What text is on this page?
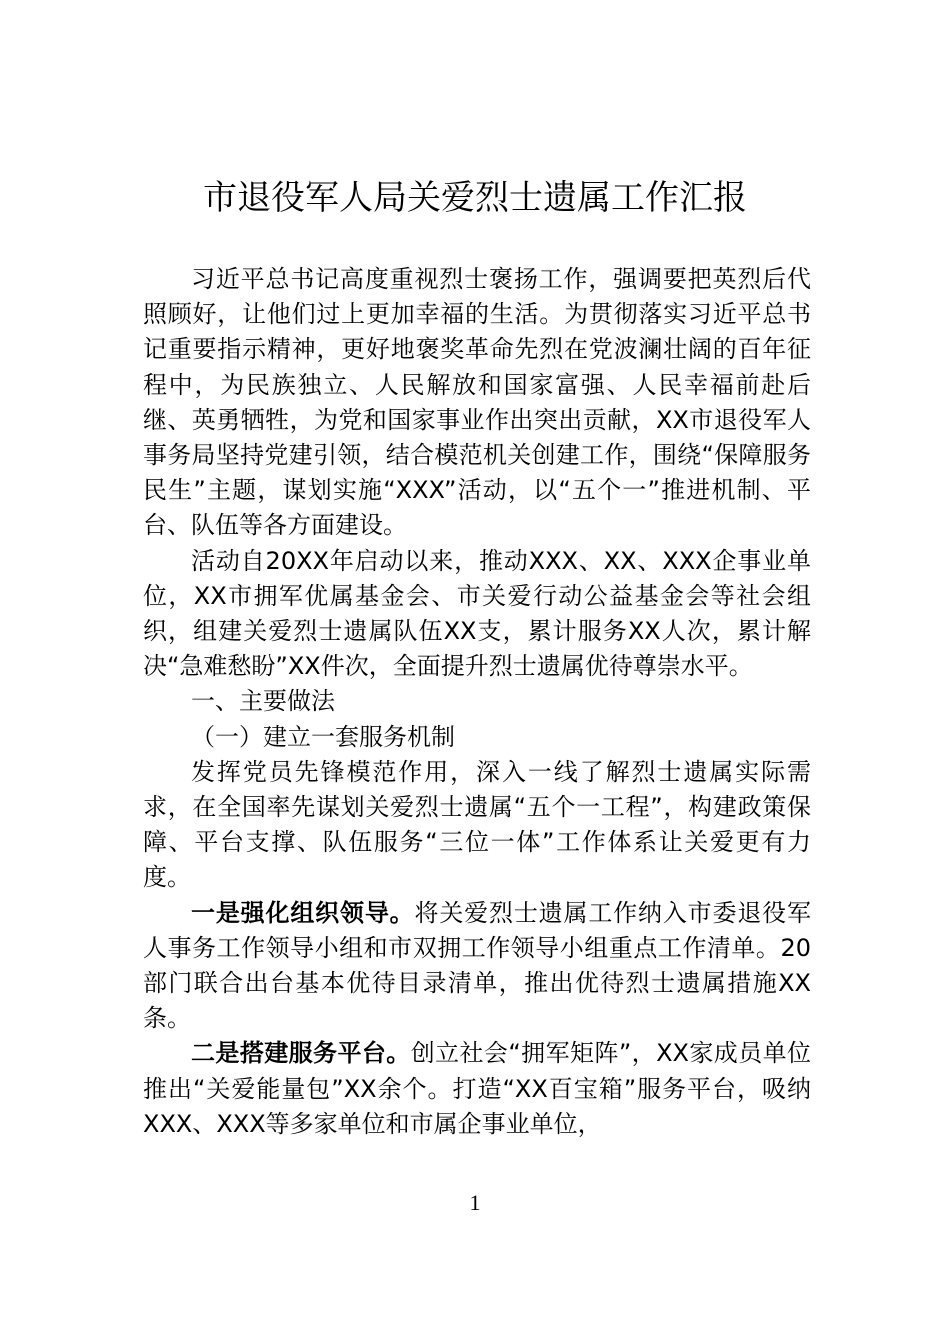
市退役军人局关爱烈士遗属工作汇报

习近平总书记高度重视烈士褒扬工作，强调要把英烈后代照顾好，让他们过上更加幸福的生活。为贯彻落实习近平总书记重要指示精神，更好地褒奖革命先烈在党波澜壮阔的百年征程中，为民族独立、人民解放和国家富强、人民幸福前赴后继、英勇牺牲，为党和国家事业作出突出贡献，XX市退役军人事务局坚持党建引领，结合模范机关创建工作，围绕“保障服务民生”主题，谋划实施“XXX”活动，以“五个一”推进机制、平台、队伍等各方面建设。

活动自20XX年启动以来，推动XXX、XX、XXX企事业单位，XX市拥军优属基金会、市关爱行动公益基金会等社会组织，组建关爱烈士遗属队伍XX支，累计服务XX人次，累计解决“急难愁盼”XX件次，全面提升烈士遗属优待尊崇水平。

一、主要做法

（一）建立一套服务机制

发挥党员先锋模范作用，深入一线了解烈士遗属实际需求，在全国率先谋划关爱烈士遗属“五个一工程”，构建政策保障、平台支撑、队伍服务“三位一体”工作体系让关爱更有力度。

一是强化组织领导。将关爱烈士遗属工作纳入市委退役军人事务工作领导小组和市双拥工作领导小组重点工作清单。20部门联合出台基本优待目录清单，推出优待烈士遗属措施XX条。

二是搭建服务平台。创立社会“拥军矩阵”，XX家成员单位推出“关爱能量包”XX余个。打造“XX百宝箱”服务平台，吸纳XXX、XXX等多家单位和市属企事业单位，

1
